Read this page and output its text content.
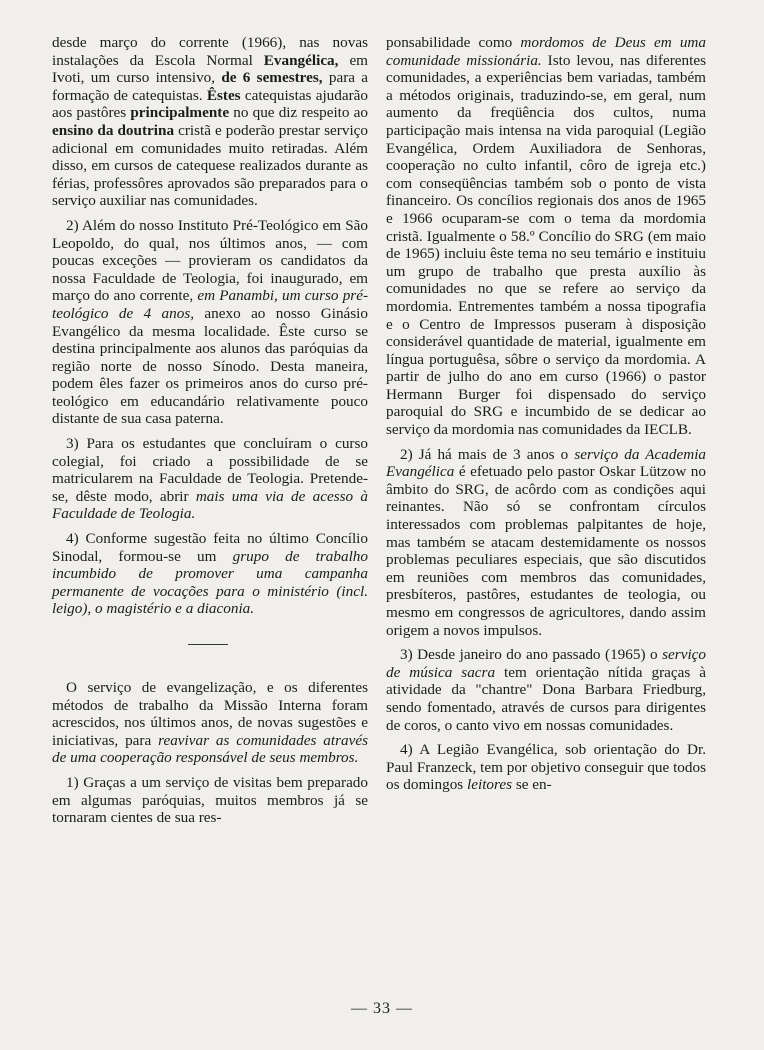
desde março do corrente (1966), nas novas instalações da Escola Normal Evangélica, em Ivoti, um curso intensivo, de 6 semestres, para a formação de catequistas. Êstes catequistas ajudarão aos pastôres principalmente no que diz respeito ao ensino da doutrina cristã e poderão prestar serviço adicional em comunidades muito retiradas. Além disso, em cursos de catequese realizados durante as férias, professôres aprovados são preparados para o serviço auxiliar nas comunidades.

2) Além do nosso Instituto Pré-Teológico em São Leopoldo, do qual, nos últimos anos, — com poucas exceções — provieram os candidatos da nossa Faculdade de Teologia, foi inaugurado, em março do ano corrente, em Panambi, um curso pré-teológico de 4 anos, anexo ao nosso Ginásio Evangélico da mesma localidade. Êste curso se destina principalmente aos alunos das paróquias da região norte de nosso Sínodo. Desta maneira, podem êles fazer os primeiros anos do curso pré-teológico em educandário relativamente pouco distante de sua casa paterna.

3) Para os estudantes que concluíram o curso colegial, foi criado a possibilidade de se matricularem na Faculdade de Teologia. Pretende-se, dêste modo, abrir mais uma via de acesso à Faculdade de Teologia.

4) Conforme sugestão feita no último Concílio Sinodal, formou-se um grupo de trabalho incumbido de promover uma campanha permanente de vocações para o ministério (incl. leigo), o magistério e a diaconia.

O serviço de evangelização, e os diferentes métodos de trabalho da Missão Interna foram acrescidos, nos últimos anos, de novas sugestões e iniciativas, para reavivar as comunidades através de uma cooperação responsável de seus membros.

1) Graças a um serviço de visitas bem preparado em algumas paróquias, muitos membros já se tornaram cientes de sua res-

ponsabilidade como mordomos de Deus em uma comunidade missionária. Isto levou, nas diferentes comunidades, a experiências bem variadas, também a métodos originais, traduzindo-se, em geral, num aumento da freqüência dos cultos, numa participação mais intensa na vida paroquial (Legião Evangélica, Ordem Auxiliadora de Senhoras, cooperação no culto infantil, côro de igreja etc.) com conseqüências também sob o ponto de vista financeiro. Os concílios regionais dos anos de 1965 e 1966 ocuparam-se com o tema da mordomia cristã. Igualmente o 58.º Concílio do SRG (em maio de 1965) incluiu êste tema no seu temário e instituiu um grupo de trabalho que presta auxílio às comunidades no que se refere ao serviço da mordomia. Entrementes também a nossa tipografia e o Centro de Impressos puseram à disposição considerável quantidade de material, igualmente em língua portuguêsa, sôbre o serviço da mordomia. A partir de julho do ano em curso (1966) o pastor Hermann Burger foi dispensado do serviço paroquial do SRG e incumbido de se dedicar ao serviço da mordomia nas comunidades da IECLB.

2) Já há mais de 3 anos o serviço da Academia Evangélica é efetuado pelo pastor Oskar Lützow no âmbito do SRG, de acôrdo com as condições aqui reinantes. Não só se confrontam círculos interessados com problemas palpitantes de hoje, mas também se atacam destemidamente os nossos problemas peculiares especiais, que são discutidos em reuniões com membros das comunidades, presbíteros, pastôres, estudantes de teologia, ou mesmo em congressos de agricultores, dando assim origem a novos impulsos.

3) Desde janeiro do ano passado (1965) o serviço de música sacra tem orientação nítida graças à atividade da "chantre" Dona Barbara Friedburg, sendo fomentado, através de cursos para dirigentes de coros, o canto vivo em nossas comunidades.

4) A Legião Evangélica, sob orientação do Dr. Paul Franzeck, tem por objetivo conseguir que todos os domingos leitores se en-

— 33 —
